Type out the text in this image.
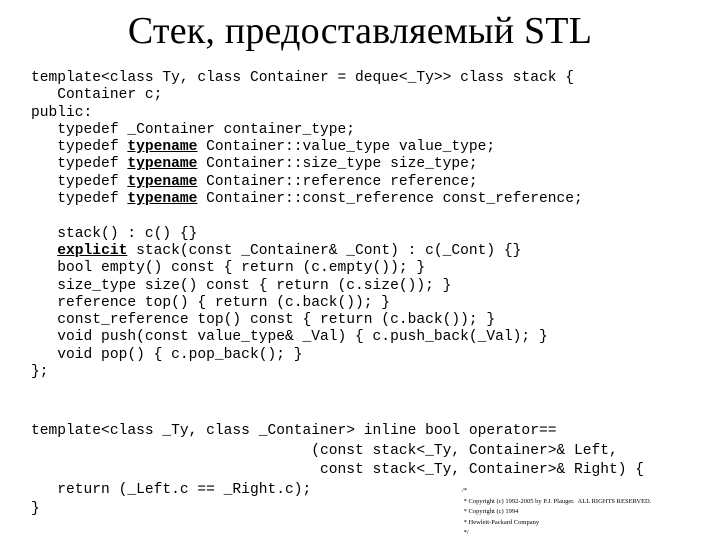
Стек, предоставляемый STL
template<class Ty, class Container = deque<_Ty>> class stack {
Container c;
public:
typedef _Container container_type;
typedef typename Container::value_type value_type;
typedef typename Container::size_type size_type;
typedef typename Container::reference reference;
typedef typename Container::const_reference const_reference;
stack() : c() {}
explicit stack(const _Container& _Cont) : c(_Cont) {}
bool empty() const { return (c.empty()); }
size_type size() const { return (c.size()); }
reference top() { return (c.back()); }
const_reference top() const { return (c.back()); }
void push(const value_type& _Val) { c.push_back(_Val); }
void pop() { c.pop_back(); }
};
template<class _Ty, class _Container> inline bool operator==
(const stack<_Ty, Container>& Left,
const stack<_Ty, Container>& Right) {
return (_Left.c == _Right.c);
}
/*
* Copyright (c) 1992-2005 by P.J. Plauger.  ALL RIGHTS RESERVED.
* Copyright (c) 1994
* Hewlett-Packard Company
*/
